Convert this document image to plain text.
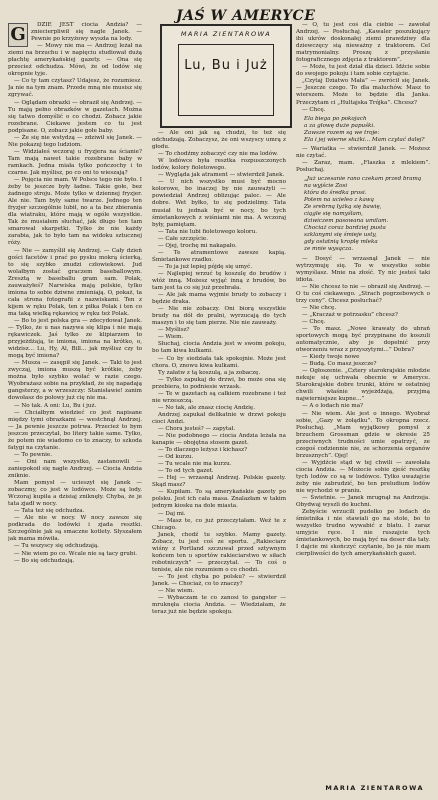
JAŚ W AMERYCE
MARIA ZIENTAROWA
Lu, Bu i Już
G	DZIE JEST ciocia Andzia? — zniecierpliwił się nagle Janek. — Pewnie po krzyżowy wyszła na lody.

— Mowy nie ma — Andrzej leżał na ziemi na brzuchu i w napięciu studiował dużą płachtę amerykańskiej gazety. — Ona się przecież odchudza. Mówi, że od lodów się okropnie tyje.

— Co ty tam czytasz? Udajesz, że rozumiesz. Ja nie na tym znam. Przede mną nie musisz się zgrywać.

— Oglądam obrazki — obraził się Andrzej. — Tu mają pełno obrazków w gazetach. Można się tatwo domyślić o co chodzi. Zobacz jakie rozebrane. Ciekawe jestem co tu jest podpisane. O, zobacz jakie gołe baby.

— Że się nie wstydzą — zdziwił się Janek. — Nie pokazuj tego ludziom.

— Widziałeś wczoraj u fryzjera na ścianie? Tam mają nawet takie rozebrane baby w ramkach. Jedna miała tylko pończochy i to czarne. Jak myślisz, po co oni to wieszają?

— Pojęcia nie mam. W Polsce tego nie było. I żeby te jeszcze były ładne. Takie gołe, bez żadnego stroju. Może tylko w dziennej fryzjer. Ale nie. Tam były same twarze. Jednego ten fryzjer szczególnie lubił, no a ta bez zbierania dla wiatraku, które mają w ogóle wszystkie. Tak że musiałem słuchać, jak długo ten tam smarował skarpetki. Tylko że nie każdy zarabia, jak to było tam na widoku sztucznej róży.

— Nie — zamyślił się Andrzej. — Cały dzień gości facetów i prać po pysku mokrą ścierką, to się szybko znudzi człowiekowi. Jud wolałbym zostać graczem baseballowym. Zresztą w baseballu gram sam. Polak, zauważyłeś? Narwiska mają polskie, tylko imiona to sobie dziwne zmieniają. O, pokaż, ta cała strona fotografii z nazwiskami. Ten z kijem w ręku Polak, ten z piłka Polak i ten co ma taką wielką rękawicę w ręku też Polak.

— Bo to jest polska gra — zdecydował Janek. — Tylko, że u nas nazywa się klipa i nie mają rękawiczek. Jaś tylko ze klipiarzem to przyjeżdżają, te imiona, imiona na krótko, o, widzisz... Lu, Hy, Al, Bill... jak myślisz czy to mogą być imiona?

— Musza — zasępił się Janek. — Taki to jest zwyczaj, imiona muszą być krótkie, żeby można było szybko wołać w razie czego. Wyobrażasz sobie na przykład, że się napadają gangsterzy, a w wrzeszczy: Stanisławie! zanim dowołasz do połowy już cię nie ma.

— No tak. A oni: Lu, Bu i już.

— Chciałbym wiedzieć co jest napisane między tymi obrazkami — westchnął Andrzej. — Ja pewnie jeszcze potrwa. Przecież to bym jeszcze przeczytał, bo litery takie same. Tylko, że potem nie wiadomo co to znaczy, to szkoda fatygi na czytanie.

— To pewnie.

— Oni nam wszystko, zastanowili — zaniepokoił się nagle Andrzej. — Ciocia Andzia zniknie.

Mam pomysł — ucieszył się Janek — zobaczmy, co jest w lodówce. Może są lody. Wczoraj kupiła a dzisiaj zniknęły. Chyba, że je tata zjadł w nocy.

— Tata też się odchudza.

— Ale nie w nocy. W nocy zawsze się podkrada do lodówki i zjada resztki. Szczególnie jak są smaczne kotlety. Słyszałem jak mama mówiła.

— Tu wszyscy się odchudzają.

— Nie wiem po co. Wcale nie są tacy grubi.

— Bo się odchudzają.

— Ale oni jak są chudzi, to też się odchudzają. Zobaczysz, że oni wszyscy umrą z głodu.

— To chodźmy zobaczyć czy nie ma lodów.

W lodówce była resztka rozpuszczonych lodów, kolorу fioletowego.

— Wygląda jak atrament — stwierdził Janek.

— U nich wszystko musi być mocno kolorowe, bo inaczej by nie zauważyli — powiedział Andrzej oblizując palec. — Ale dobre. Wet byłko, to się podzielimy. Tata musiał tu jednak być w nocy, bo tych śmietankowych z wiśniami nie ma. A wczoraj były, pamiętam.

— Tata nie lubi fioletowego koloru.

— Całe szczęście.

— Ojej, trochę mi nakapało.

— Te atramentowe zawsze kapią. Śmietankowe rzadko.

— To ja już lepiej pójdę się umyć.

— Najlepiej wrzuć tę koszulę do brudów i włóż inną. Możesz wyjąć inną z brudów, bo tam jest ta co się już przebrała.

— Ale jak mama wyjmie brudy to zobaczy i będzie draka.

— Nie nie zobaczy. Oni biorą wszystkie brudy na dół do pralni, wyrzucają do tych maszyn i to się tam pierze. Nie nie zauważy.

— Myślisz?

— Wiem.

Słuchaj, ciocia Andzia jest w swoim pokoju, bo tam kiwa kulkami.

— Co by siedziała tak spokojnie. Może jest chora. O, znowu kiwa kulkami.

Ty załatw z tą koszulą, a ja zobaczę.

— Tylko zapukaj do drzwi, bo może ona się przebiera, to podniesie wrzask.

— Te w gazetach są całkiem rozebrane i też nie wrzeszczą.

— No tak, ale znasz ciocię Andzię.

Andrzej zapukał delikatnie w drzwi pokoju cioci Andzi.

— Chora jesteś? — zapytał.

— Nie podobnego — ciocia Andzia leżała na kanapie — obojętna stosem gazet.

— To dlaczego leżysz i kichasz?

— Od kurzu.

— Tu wcale nie ma kurzu.

— To od tych gazet.

— Hej — wrzasnął Andrzej. Polskie gazety. Skąd masz?

— Kupiłam. To są amerykańskie gazety po polsku. Jest ich cała masa. Znalazłam w takim jednym kiosku na dole miasta.

— Daj mi.

— Masz te, co już przeczytałam. Weź te z Chicago.

Janek, chodź tu szybko. Mamy gazety. Zobacz, tu jest coś ze sportu. „Rakieciarz wiśny z Portland szczuwał przed sztywnym końcem ten u sportów rakieciarstwo w siłach robotniczych” — przeczytał. — To coś o tenisie, ale nie rozumiem o co chodzi.

— To jest chyba po polsku? — stwierdził Janek. — Chociaż, co to znaczy?

— Nie wiem.

— Wybaczam te co zanosi to gangster — mruknęła ciocia Andzia. — Wiedziałam, że teraz już nie będzie spokoju.

— O, tu jest coś dla ciebie — zawołał Andrzej. — Posłuchaj. „Kawaler poszukujący ibi ukrów doskonałej ziemi prawdziwy dla dziewczęcy sią nieważny z traktorem. Cel matrymonialny. Proszę z przysłanie fotograficznego zdjęcia z traktorem”.

— Może, tu jest dział dla dzieci. Idźcie sobie do swojego pokoju i tam sobie czytajcie.

„Czytaj Dziatwo Mała” — zwrócił się Janek. — Jeszcze czego. To dla maluchów. Masz to wierszem. Może to będzie dla Janka. Przeczytam ci „Hultajska Trójka”. Chcesz?

— Chcę.

Ela biega po pokojach
a za głowę duże papuśki.
Zawsze rozem są we troje:
Ela i jej wierne służki... Mam czytać dalej?

— Wariatka — stwierdził Janek. — Możesz nie czytać.

— Zaraz, mam. „Flaszka z mlekiem”. Posłuchaj.

„Już uczesanie rano czekam przed bramą
na wyjście Zosi
która do średka prosi.
Potem na ucieleo z kawą
Ze srebrną łyżką się bawię,
ciągle się namyślam,
dziwiczem pasowana umilam.
Chociaż coraz bardziej pusta
szklanymi się śmieje usty,
gdy ostatnią kroplę mleka
ze mnie wysącza.

— Dosyć — wrzasnął Janek — nie wytrzymuję się. To w wszystko sobie wymyślasz. Mnie na złość. Ty nic jesteś taki idiota.

— Nie chcesz to nie — obraził się Andrzej. — O tu coś ciekawego. „Strach pogrzebowych o trzy ceny”. Chcesz posłuchać?

— Nie chcę.

— „Kraczaż w potrzasku” chcesz?

— Chcę.

— To masz. „Nowe krawaty do ubrań sportowych mogą być przypinane do koszuli automatycznie, aby je dopełnić przy otworzeniu wraz z przyszytymi...” Dobra?

— Kiedy twoje nowe

— Budą. Co masz jeszcze?

— Ogłoszenie. „Cztery starokrajskie młodzie nekuje się uchwała obecnie w Ameryce. Starokrajskie dobre trunki, które w ostatniej chwili właśnie wyjeżdżają, przyjmą najwierniejsze kupne...”

— A o lodach nie ma?

— Nie wiem. Ale jest o innego. Wyobraź sobie, „Gazy w żołądku”. To okropna rzecz. Posłuchaj. „Mam wyjątkowy pomysł z brzuchem Grossman gdzie w okresie 25 przeciwnych trudności umie opatrzyć, ze czegoś codziennie nie, ze schorzenia organów brzusznych”. Ojej!

— Wyjdźcie stąd w tej chwili — zawołała ciocia Andzia. — Możecie sobie zjeść resztkę tych lodów co są w lodówce. Tylko uważajcie żeby nie zabrudzić, bo ten preludium lodów nie wychodzi w praniu.

— Świetnie. — Janek mrugnął na Andrzeja. Obydwaj wyszli do kuchni.

Zebyście wrzucili pudełko po lodach do śmietnika i nie stawiali go na stole, bo to wszystko trudno wywabić z blatu. I zaraz umyjcie ręce. I nie ruszajcie tych śmietankowych, bo mają być na deser dla taty. I dajcie mi skończyć czytanie, bo ja nie mam cierpliwości do tych amerykańskich gazet.

MARIA ZIENTAROWA
